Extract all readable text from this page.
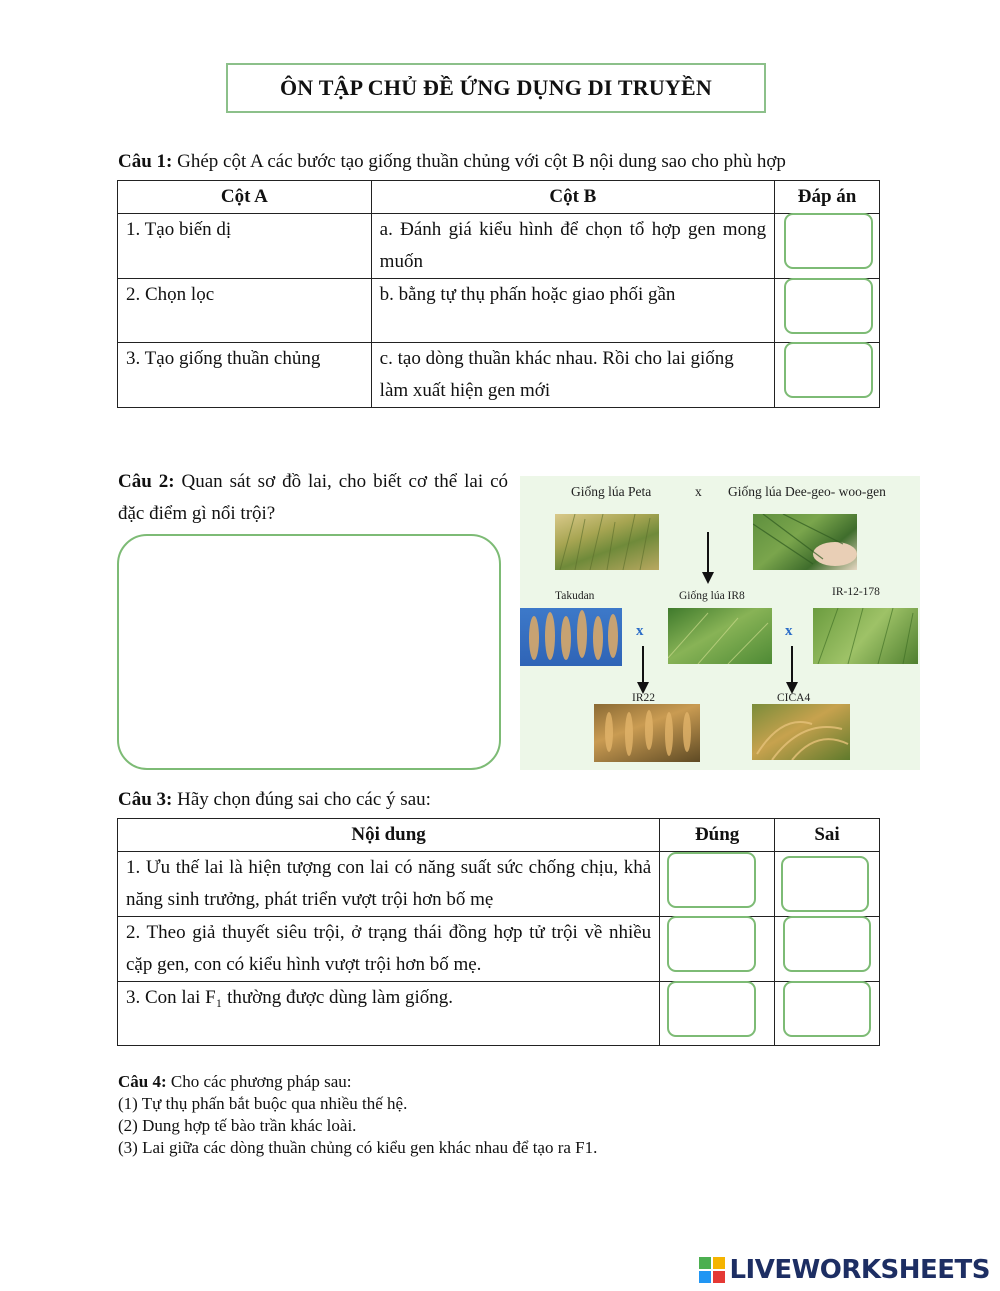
ÔN TẬP CHỦ ĐỀ ỨNG DỤNG DI TRUYỀN
Câu 1: Ghép cột A các bước tạo giống thuần chủng với cột B nội dung sao cho phù hợp
Cột A	Cột B	Đáp án
1. Tạo biến dị	a. Đánh giá kiểu hình để chọn tổ hợp gen mong muốn	
2. Chọn lọc	b. bằng tự thụ phấn hoặc giao phối gần	
3. Tạo giống thuần chủng	c. tạo dòng thuần khác nhau. Rồi cho lai giống làm xuất hiện gen mới	
Câu 2: Quan sát sơ đồ lai, cho biết cơ thể lai có đặc điểm gì nổi trội?
Giống lúa Peta	x Giống lúa Dee-geo- woo-gen
Takudan	Giống lúa IR8	IR-12-178
x	x
IR22	CICA4
Câu 3: Hãy chọn đúng sai cho các ý sau:
Nội dung	Đúng	Sai
1. Ưu thế lai là hiện tượng con lai có năng suất sức chống chịu, khả năng sinh trưởng, phát triển vượt trội hơn bố mẹ		
2. Theo giả thuyết siêu trội, ở trạng thái đồng hợp tử trội về nhiều cặp gen, con có kiểu hình vượt trội hơn bố mẹ.		
3. Con lai F₁ thường được dùng làm giống.		
Câu 4: Cho các phương pháp sau:
(1) Tự thụ phấn bắt buộc qua nhiều thế hệ.
(2) Dung hợp tế bào trần khác loài.
(3) Lai giữa các dòng thuần chủng có kiểu gen khác nhau để tạo ra F1.
LIVEWORKSHEETS
